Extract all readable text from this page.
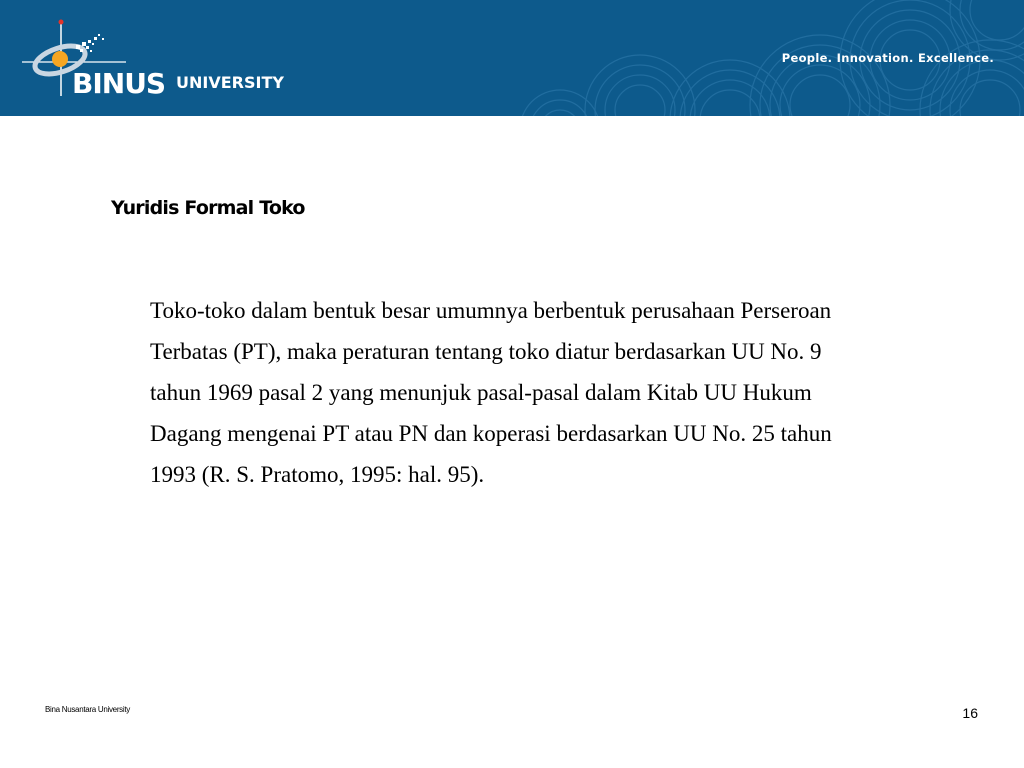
BINUS UNIVERSITY
People. Innovation. Excellence.
Yuridis Formal Toko

Toko-toko dalam bentuk besar umumnya berbentuk perusahaan Perseroan
Terbatas (PT), maka peraturan tentang toko diatur berdasarkan UU No. 9
tahun 1969 pasal 2 yang menunjuk pasal-pasal dalam Kitab UU Hukum
Dagang mengenai PT atau PN dan koperasi berdasarkan UU No. 25 tahun
1993 (R. S. Pratomo, 1995: hal. 95).

Bina Nusantara University	16
